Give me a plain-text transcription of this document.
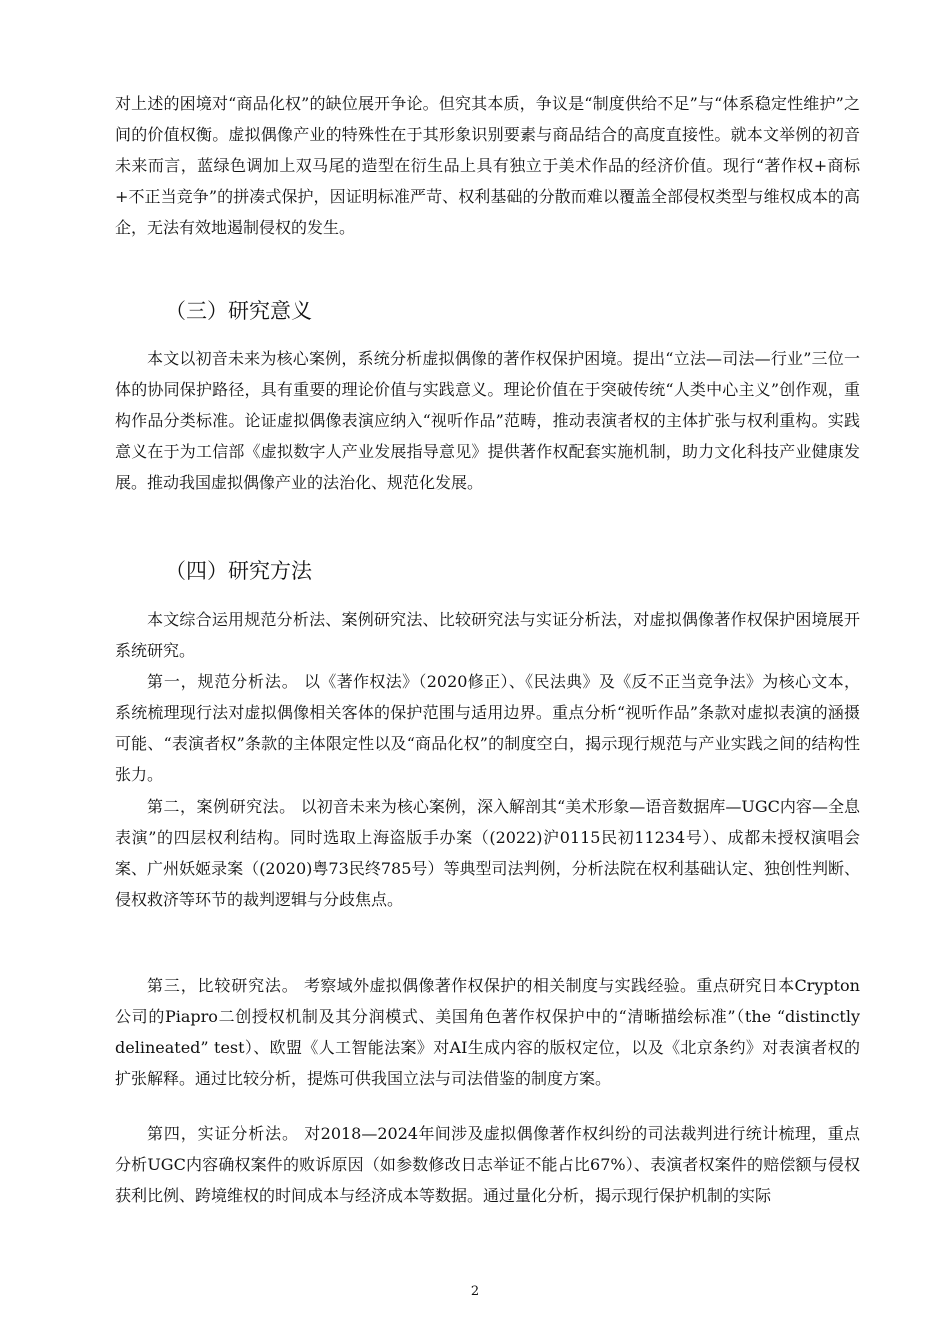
对上述的困境对“商品化权”的缺位展开争论。但究其本质，争议是“制度供给不足”与“体系稳定性维护”之间的价值权衡。虚拟偶像产业的特殊性在于其形象识别要素与商品结合的高度直接性。就本文举例的初音未来而言，蓝绿色调加上双马尾的造型在衍生品上具有独立于美术作品的经济价值。现行“著作权+商标+不正当竞争”的拼凑式保护，因证明标准严苛、权利基础的分散而难以覆盖全部侵权类型与维权成本的高企，无法有效地遏制侵权的发生。

（三）研究意义

本文以初音未来为核心案例，系统分析虚拟偶像的著作权保护困境。提出“立法—司法—行业”三位一体的协同保护路径，具有重要的理论价值与实践意义。理论价值在于突破传统“人类中心主义”创作观，重构作品分类标准。论证虚拟偶像表演应纳入“视听作品”范畴，推动表演者权的主体扩张与权利重构。实践意义在于为工信部《虚拟数字人产业发展指导意见》提供著作权配套实施机制，助力文化科技产业健康发展。推动我国虚拟偶像产业的法治化、规范化发展。

（四）研究方法

本文综合运用规范分析法、案例研究法、比较研究法与实证分析法，对虚拟偶像著作权保护困境展开系统研究。

第一，规范分析法。 以《著作权法》（2020修正）、《民法典》及《反不正当竞争法》为核心文本，系统梳理现行法对虚拟偶像相关客体的保护范围与适用边界。重点分析“视听作品”条款对虚拟表演的涵摄可能、“表演者权”条款的主体限定性以及“商品化权”的制度空白，揭示现行规范与产业实践之间的结构性张力。

第二，案例研究法。 以初音未来为核心案例，深入解剖其“美术形象—语音数据库—UGC内容—全息表演”的四层权利结构。同时选取上海盗版手办案（(2022)沪0115民初11234号）、成都未授权演唱会案、广州妖姬录案（(2020)粤73民终785号）等典型司法判例，分析法院在权利基础认定、独创性判断、侵权救济等环节的裁判逻辑与分歧焦点。

第三，比较研究法。 考察域外虚拟偶像著作权保护的相关制度与实践经验。重点研究日本Crypton公司的Piapro二创授权机制及其分润模式、美国角色著作权保护中的“清晰描绘标准”（the “distinctly delineated” test）、欧盟《人工智能法案》对AI生成内容的版权定位，以及《北京条约》对表演者权的扩张解释。通过比较分析，提炼可供我国立法与司法借鉴的制度方案。

第四，实证分析法。 对2018—2024年间涉及虚拟偶像著作权纠纷的司法裁判进行统计梳理，重点分析UGC内容确权案件的败诉原因（如参数修改日志举证不能占比67%）、表演者权案件的赔偿额与侵权获利比例、跨境维权的时间成本与经济成本等数据。通过量化分析，揭示现行保护机制的实际

2
